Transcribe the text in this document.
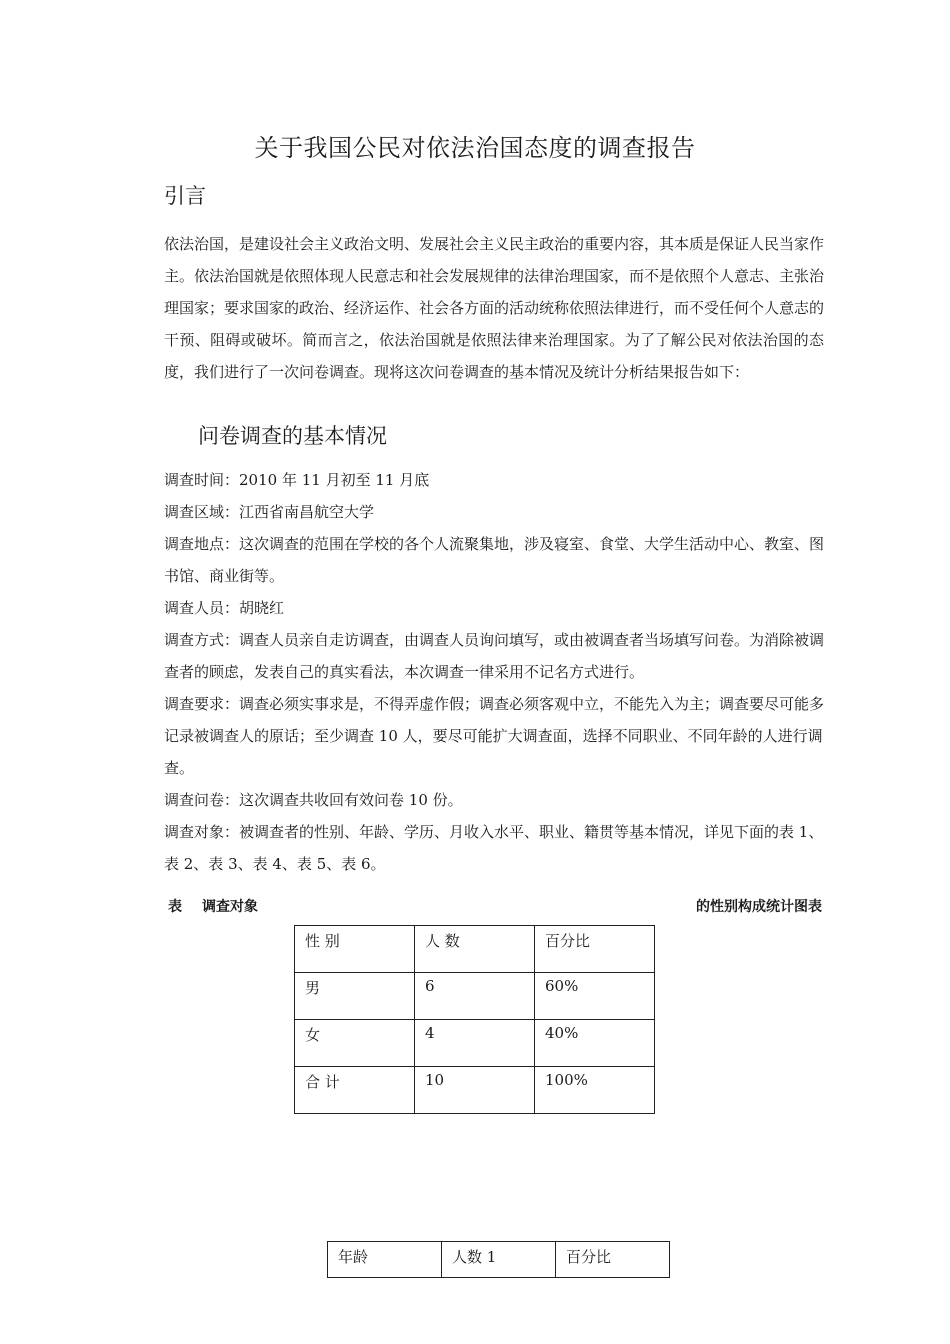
关于我国公民对依法治国态度的调查报告
引言
依法治国，是建设社会主义政治文明、发展社会主义民主政治的重要内容，其本质是保证人民当家作主。依法治国就是依照体现人民意志和社会发展规律的法律治理国家，而不是依照个人意志、主张治理国家；要求国家的政治、经济运作、社会各方面的活动统称依照法律进行，而不受任何个人意志的干预、阻碍或破坏。简而言之，依法治国就是依照法律来治理国家。为了了解公民对依法治国的态度，我们进行了一次问卷调查。现将这次问卷调查的基本情况及统计分析结果报告如下：
问卷调查的基本情况

调查时间：2010 年 11 月初至 11 月底

调查区域：江西省南昌航空大学

调查地点：这次调查的范围在学校的各个人流聚集地，涉及寝室、食堂、大学生活动中心、教室、图书馆、商业街等。

调查人员：胡晓红

调查方式：调查人员亲自走访调查，由调查人员询问填写，或由被调查者当场填写问卷。为消除被调查者的顾虑，发表自己的真实看法，本次调查一律采用不记名方式进行。

调查要求：调查必须实事求是，不得弄虚作假；调查必须客观中立，不能先入为主；调查要尽可能多记录被调查人的原话；至少调查 10 人，要尽可能扩大调查面，选择不同职业、不同年龄的人进行调查。

调查问卷：这次调查共收回有效问卷 10 份。

调查对象：被调查者的性别、年龄、学历、月收入水平、职业、籍贯等基本情况，详见下面的表 1、表 2、表 3、表 4、表 5、表 6。

表 调查对象	的性别构成统计图表
性 别	人 数	百分比
男	6	60%
女	4	40%
合 计	10	100%
年龄	人数 1	百分比
